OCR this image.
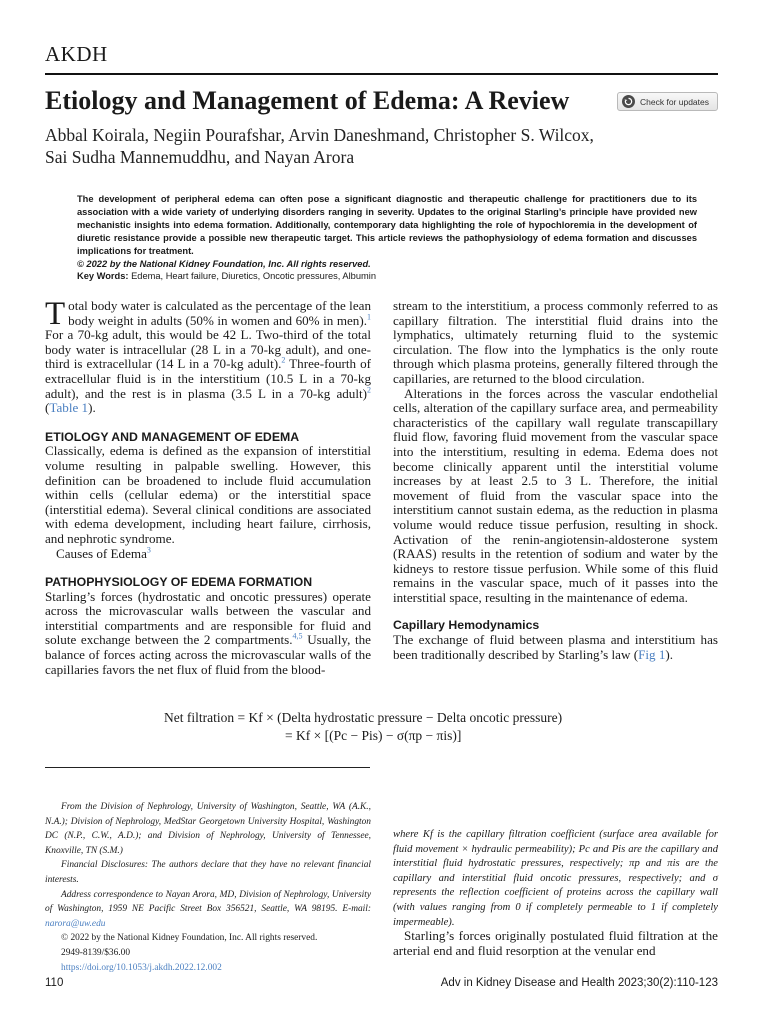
AKDH
Etiology and Management of Edema: A Review	Check for updates
Abbal Koirala, Negiin Pourafshar, Arvin Daneshmand, Christopher S. Wilcox,
Sai Sudha Mannemuddhu, and Nayan Arora

The development of peripheral edema can often pose a significant diagnostic and therapeutic challenge for practitioners due to its association with a wide variety of underlying disorders ranging in severity. Updates to the original Starling’s principle have provided new mechanistic insights into edema formation. Additionally, contemporary data highlighting the role of hypochloremia in the development of diuretic resistance provide a possible new therapeutic target. This article reviews the pathophysiology of edema formation and discusses implications for treatment.

© 2022 by the National Kidney Foundation, Inc. All rights reserved.

Key Words: Edema, Heart failure, Diuretics, Oncotic pressures, Albumin

Total body water is calculated as the percentage of the lean body weight in adults (50% in women and 60% in men).$^1$ For a 70-kg adult, this would be 42 L. Two-third of the total body water is intracellular (28 L in a 70-kg adult), and one-third is extracellular (14 L in a 70-kg adult).$^2$ Three-fourth of extracellular fluid is in the interstitium (10.5 L in a 70-kg adult), and the rest is in plasma (3.5 L in a 70-kg adult)$^2$ (Table 1).

ETIOLOGY AND MANAGEMENT OF EDEMA

Classically, edema is defined as the expansion of interstitial volume resulting in palpable swelling. However, this definition can be broadened to include fluid accumulation within cells (cellular edema) or the interstitial space (interstitial edema). Several clinical conditions are associated with edema development, including heart failure, cirrhosis, and nephrotic syndrome.

Causes of Edema$^3$

PATHOPHYSIOLOGY OF EDEMA FORMATION

Starling’s forces (hydrostatic and oncotic pressures) operate across the microvascular walls between the vascular and interstitial compartments and are responsible for fluid and solute exchange between the 2 compartments.$^{4,5}$ Usually, the balance of forces acting across the microvascular walls of the capillaries favors the net flux of fluid from the blood-

stream to the interstitium, a process commonly referred to as capillary filtration. The interstitial fluid drains into the lymphatics, ultimately returning fluid to the systemic circulation. The flow into the lymphatics is the only route through which plasma proteins, generally filtered through the capillaries, are returned to the blood circulation.

Alterations in the forces across the vascular endothelial cells, alteration of the capillary surface area, and permeability characteristics of the capillary wall regulate transcapillary fluid flow, favoring fluid movement from the vascular space into the interstitium, resulting in edema. Edema does not become clinically apparent until the interstitial volume increases by at least 2.5 to 3 L. Therefore, the initial movement of fluid from the vascular space into the interstitium cannot sustain edema, as the reduction in plasma volume would reduce tissue perfusion, resulting in shock. Activation of the renin-angiotensin-aldosterone system (RAAS) results in the retention of sodium and water by the kidneys to restore tissue perfusion. While some of this fluid remains in the vascular space, much of it passes into the interstitial space, resulting in the maintenance of edema.

Capillary Hemodynamics

The exchange of fluid between plasma and interstitium has been traditionally described by Starling’s law (Fig 1).

Net filtration = Kf × (Delta hydrostatic pressure − Delta oncotic pressure)
= Kf × [(Pc − Pis) − σ(πp − πis)]

From the Division of Nephrology, University of Washington, Seattle, WA (A.K., N.A.); Division of Nephrology, MedStar Georgetown University Hospital, Washington DC (N.P., C.W., A.D.); and Division of Nephrology, University of Tennessee, Knoxville, TN (S.M.)

Financial Disclosures: The authors declare that they have no relevant financial interests.

Address correspondence to Nayan Arora, MD, Division of Nephrology, University of Washington, 1959 NE Pacific Street Box 356521, Seattle, WA 98195. E-mail: narora@uw.edu

© 2022 by the National Kidney Foundation, Inc. All rights reserved.

2949-8139/$36.00

https://doi.org/10.1053/j.akdh.2022.12.002

where Kf is the capillary filtration coefficient (surface area available for fluid movement × hydraulic permeability); Pc and Pis are the capillary and interstitial fluid hydrostatic pressures, respectively; πp and πis are the capillary and interstitial fluid oncotic pressures, respectively; and σ represents the reflection coefficient of proteins across the capillary wall (with values ranging from 0 if completely permeable to 1 if completely impermeable).
Starling’s forces originally postulated fluid filtration at the arterial end and fluid resorption at the venular end
110	Adv in Kidney Disease and Health 2023;30(2):110-123
